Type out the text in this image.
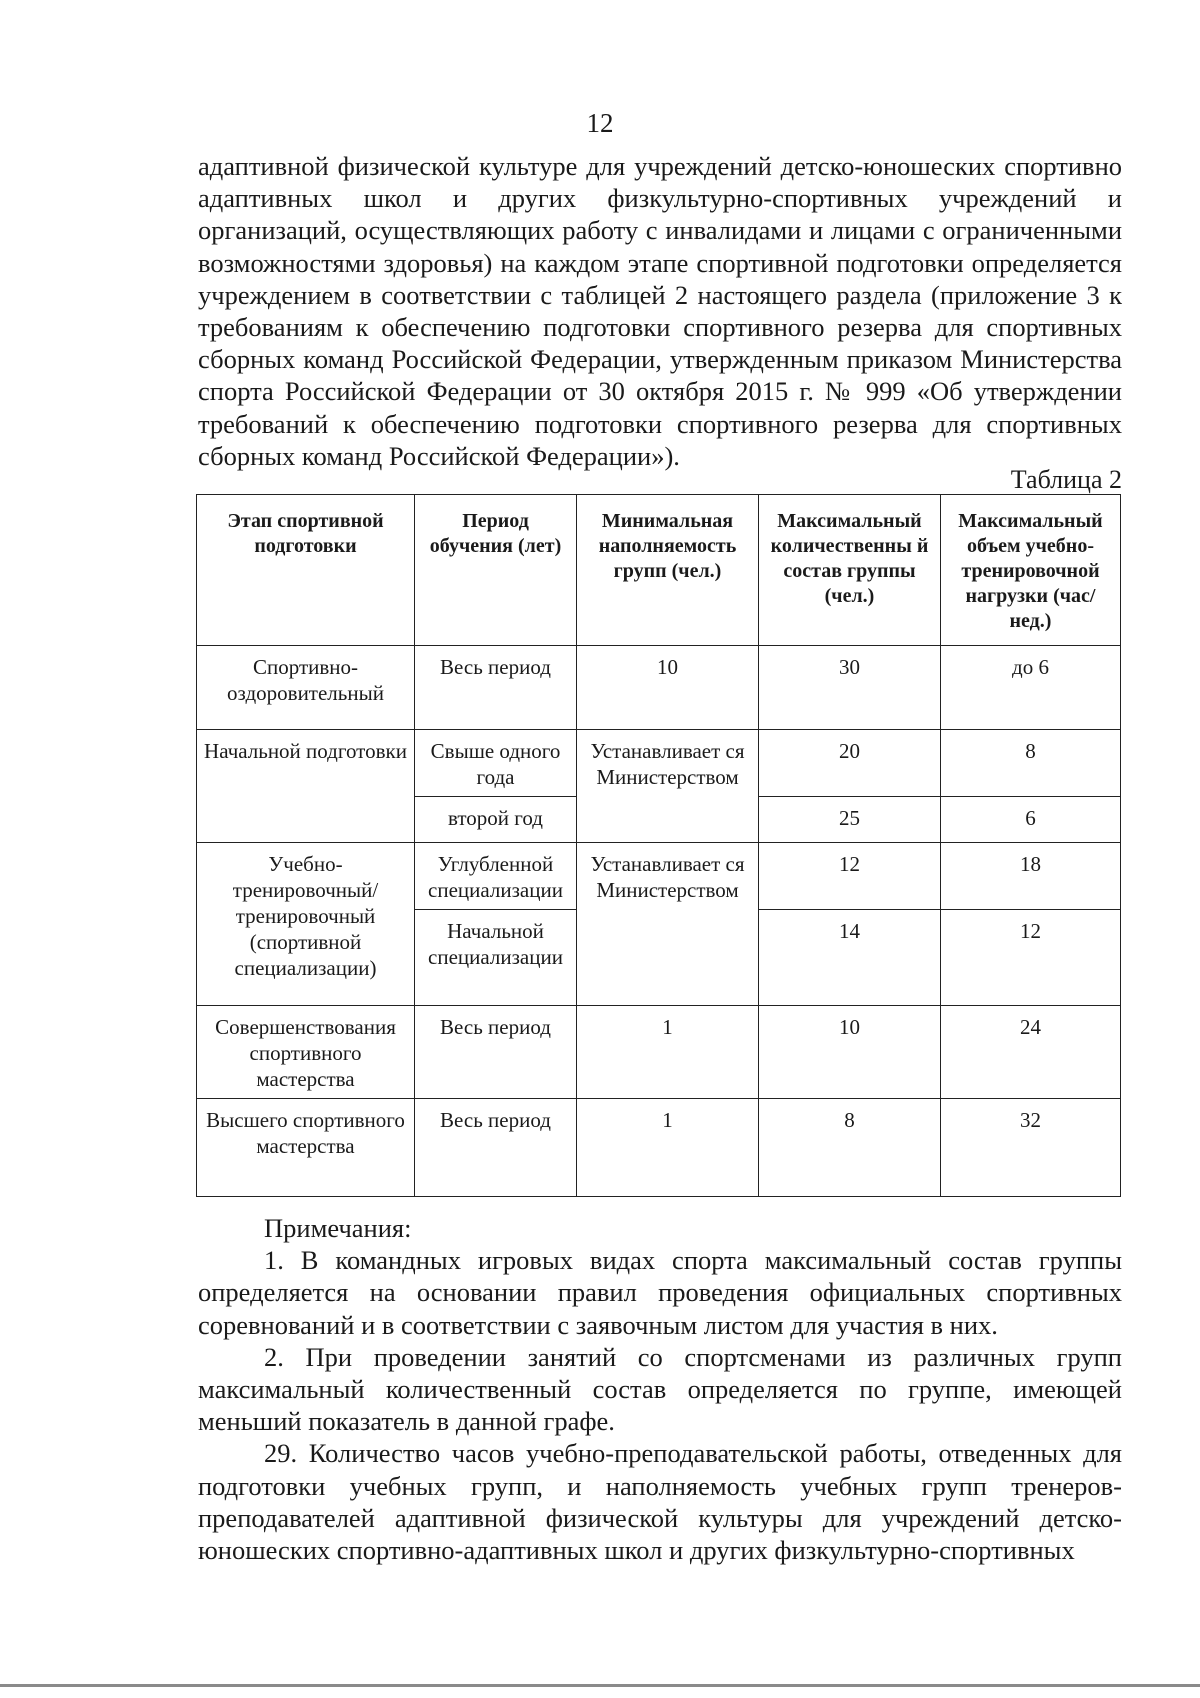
12

адаптивной физической культуре для учреждений детско-юношеских спортивно адаптивных школ и других физкультурно-спортивных учреждений и организаций, осуществляющих работу с инвалидами и лицами с ограниченными возможностями здоровья) на каждом этапе спортивной подготовки определяется учреждением в соответствии с таблицей 2 настоящего раздела (приложение 3 к требованиям к обеспечению подготовки спортивного резерва для спортивных сборных команд Российской Федерации, утвержденным приказом Министерства спорта Российской Федерации от 30 октября 2015 г. № 999 «Об утверждении требований к обеспечению подготовки спортивного резерва для спортивных сборных команд Российской Федерации»).

Таблица 2
Этап спортивной подготовки	Период обучения (лет)	Минимальная наполняемость групп (чел.)	Максимальный количественны й состав группы (чел.)	Максимальный объем учебно-тренировочной нагрузки (час/нед.)
Спортивно-оздоровительный	Весь период	10	30	до 6
Начальной подготовки	Свыше одного года	Устанавливает ся Министерством	20	8
	второй год		25	6
Учебно-тренировочный/ тренировочный (спортивной специализации)	Углубленной специализации	Устанавливает ся Министерством	12	18
	Начальной специализации		14	12
Совершенствования спортивного мастерства	Весь период	1	10	24
Высшего спортивного мастерства	Весь период	1	8	32

Примечания:

1. В командных игровых видах спорта максимальный состав группы определяется на основании правил проведения официальных спортивных соревнований и в соответствии с заявочным листом для участия в них.

2. При проведении занятий со спортсменами из различных групп максимальный количественный состав определяется по группе, имеющей меньший показатель в данной графе.

29. Количество часов учебно-преподавательской работы, отведенных для подготовки учебных групп, и наполняемость учебных групп тренеров-преподавателей адаптивной физической культуры для учреждений детско-юношеских спортивно-адаптивных школ и других физкультурно-спортивных
